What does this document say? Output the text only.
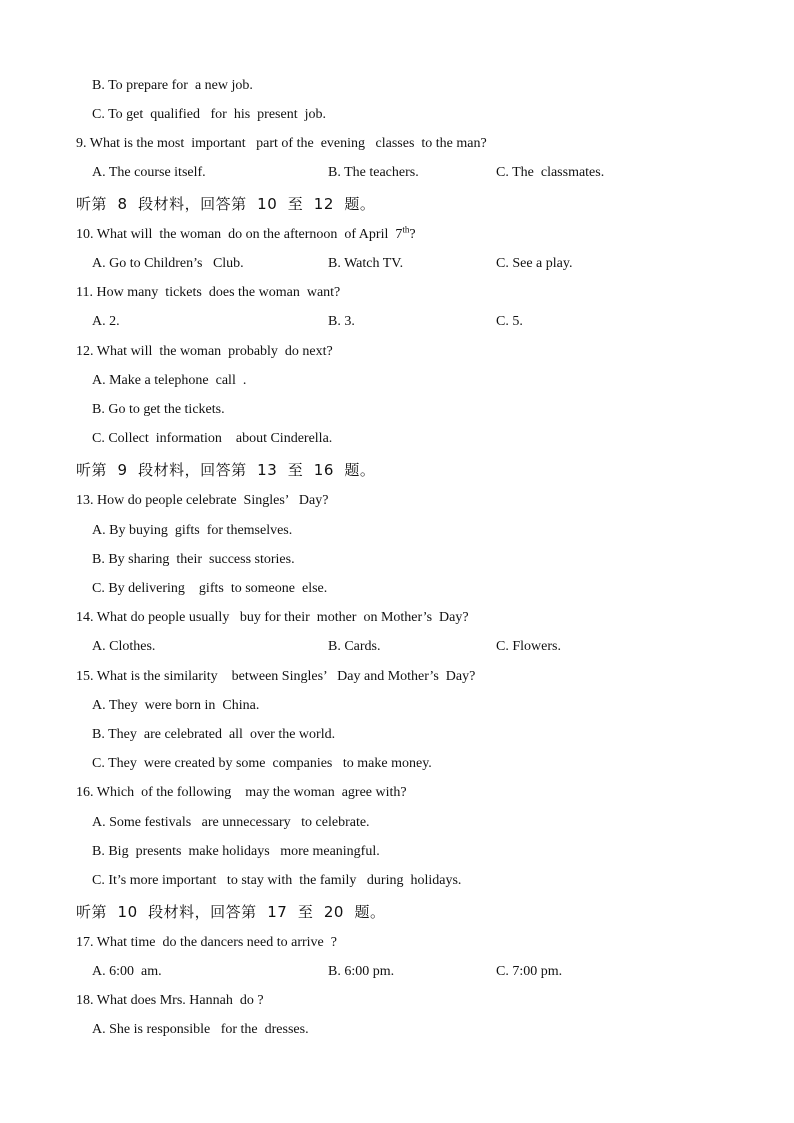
B. To prepare for  a new job.
C. To get  qualified   for  his  present  job.
9. What is the most  important   part of the  evening   classes  to the man?
A. The course itself.	B. The teachers.	C. The  classmates.
听第  8  段材料，回答第  10  至  12  题。
10. What will  the woman  do on the afternoon  of April  7th?
A. Go to Children’s   Club.	B. Watch TV.	C. See a play.
11. How many  tickets  does the woman  want?
A. 2.	B. 3.	C. 5.
12. What will  the woman  probably  do next?
A. Make a telephone  call  .
B. Go to get the tickets.
C. Collect  information    about Cinderella.
听第  9  段材料，回答第  13  至  16  题。
13. How do people celebrate  Singles’   Day?
A. By buying  gifts  for themselves.
B. By sharing  their  success stories.
C. By delivering    gifts  to someone  else.
14. What do people usually   buy for their  mother  on Mother’s  Day?
A. Clothes.	B. Cards.	C. Flowers.
15. What is the similarity    between Singles’   Day and Mother’s  Day?
A. They  were born in  China.
B. They  are celebrated  all  over the world.
C. They  were created by some  companies   to make money.
16. Which  of the following    may the woman  agree with?
A. Some festivals   are unnecessary   to celebrate.
B. Big  presents  make holidays   more meaningful.
C. It’s more important   to stay with  the family   during  holidays.
听第  10  段材料，回答第  17  至  20  题。
17. What time  do the dancers need to arrive  ?
A. 6:00  am.	B. 6:00 pm.	C. 7:00 pm.
18. What does Mrs. Hannah  do ?
A. She is responsible   for the  dresses.
